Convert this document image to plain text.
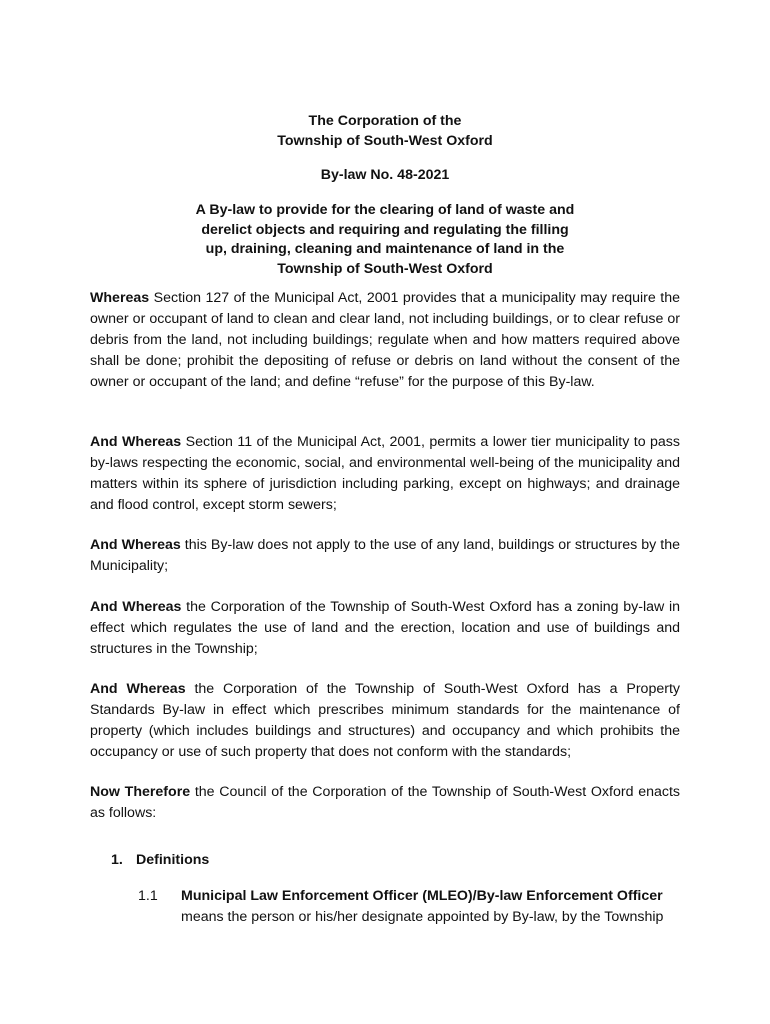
The Corporation of the
Township of South-West Oxford
By-law No. 48-2021
A By-law to provide for the clearing of land of waste and
derelict objects and requiring and regulating the filling
up, draining, cleaning and maintenance of land in the
Township of South-West Oxford

Whereas Section 127 of the Municipal Act, 2001 provides that a municipality may require the owner or occupant of land to clean and clear land, not including buildings, or to clear refuse or debris from the land, not including buildings; regulate when and how matters required above shall be done; prohibit the depositing of refuse or debris on land without the consent of the owner or occupant of the land; and define “refuse” for the purpose of this By-law.

And Whereas Section 11 of the Municipal Act, 2001, permits a lower tier municipality to pass by-laws respecting the economic, social, and environmental well-being of the municipality and matters within its sphere of jurisdiction including parking, except on highways; and drainage and flood control, except storm sewers;

And Whereas this By-law does not apply to the use of any land, buildings or structures by the Municipality;

And Whereas the Corporation of the Township of South-West Oxford has a zoning by-law in effect which regulates the use of land and the erection, location and use of buildings and structures in the Township;

And Whereas the Corporation of the Township of South-West Oxford has a Property Standards By-law in effect which prescribes minimum standards for the maintenance of property (which includes buildings and structures) and occupancy and which prohibits the occupancy or use of such property that does not conform with the standards;

Now Therefore the Council of the Corporation of the Township of South-West Oxford enacts as follows:

1. Definitions
1.1 Municipal Law Enforcement Officer (MLEO)/By-law Enforcement Officer
means the person or his/her designate appointed by By-law, by the Township
